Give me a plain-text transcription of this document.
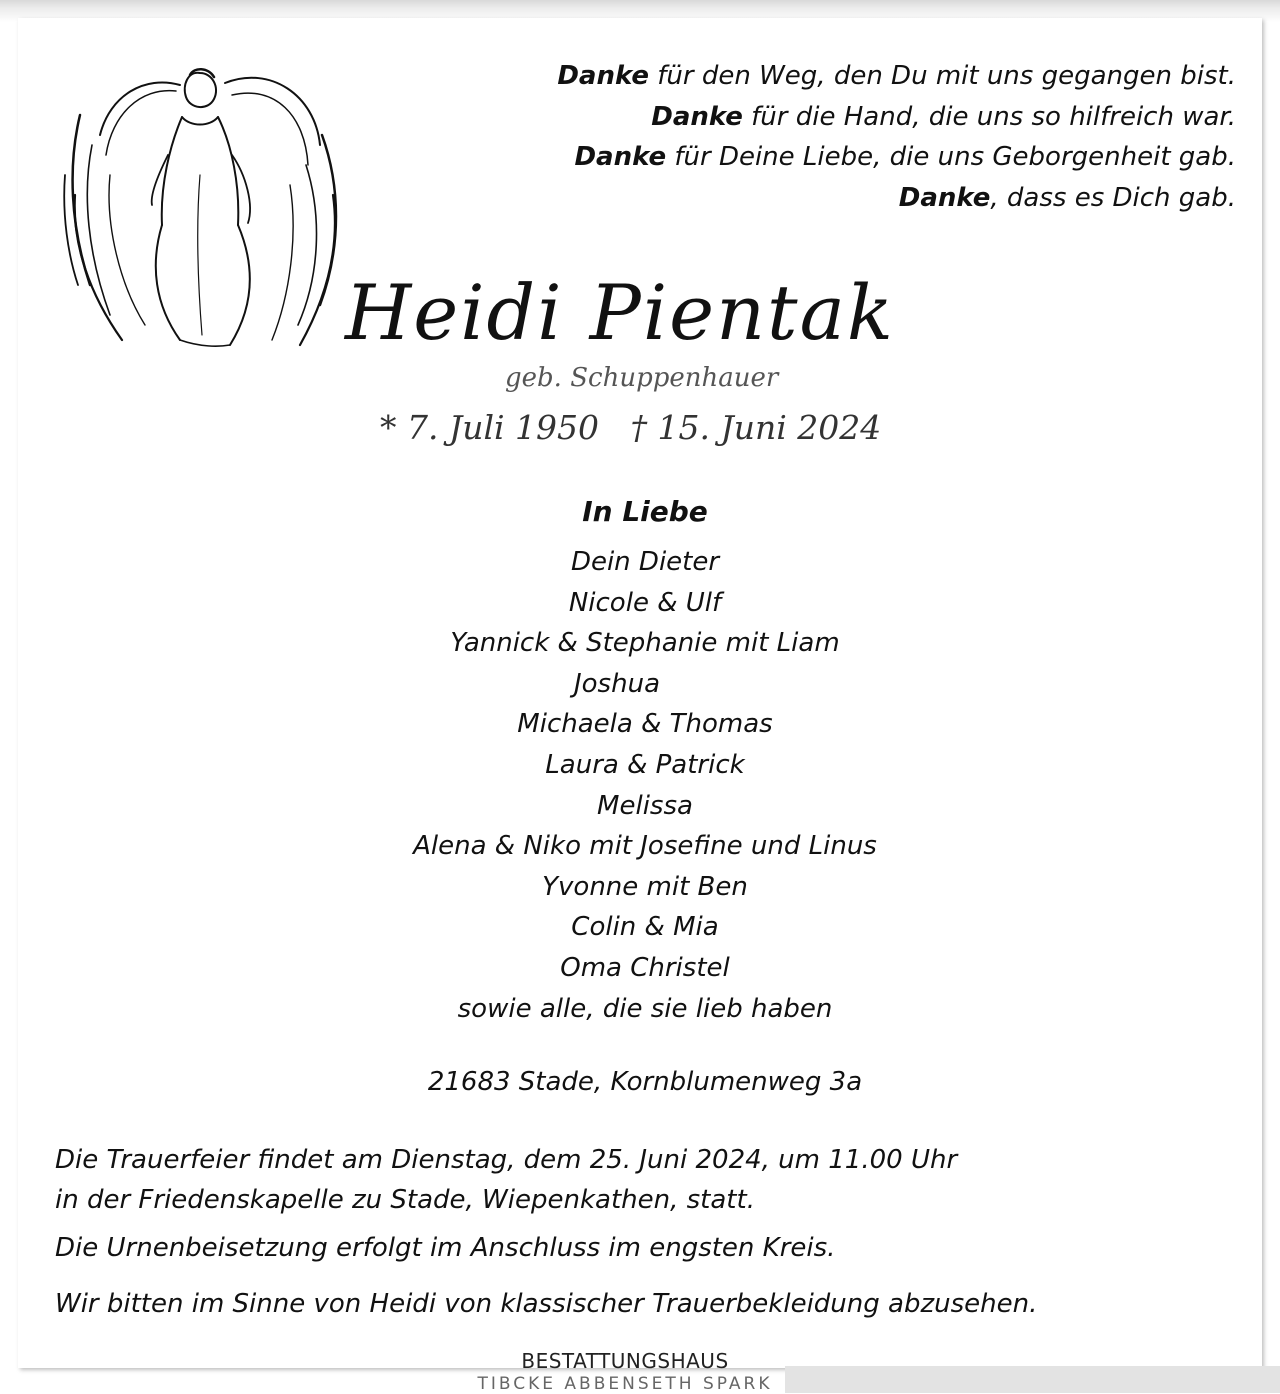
Danke für den Weg, den Du mit uns gegangen bist.
Danke für die Hand, die uns so hilfreich war.
Danke für Deine Liebe, die uns Geborgenheit gab.
Danke, dass es Dich gab.
Heidi Pientak
geb. Schuppenhauer
* 7. Juli 1950 † 15. Juni 2024
In Liebe
Dein Dieter
Nicole & Ulf
Yannick & Stephanie mit Liam
Joshua
Michaela & Thomas
Laura & Patrick
Melissa
Alena & Niko mit Josefine und Linus
Yvonne mit Ben
Colin & Mia
Oma Christel
sowie alle, die sie lieb haben
21683 Stade, Kornblumenweg 3a

Die Trauerfeier findet am Dienstag, dem 25. Juni 2024, um 11.00 Uhr

in der Friedenskapelle zu Stade, Wiepenkathen, statt.

Die Urnenbeisetzung erfolgt im Anschluss im engsten Kreis.

Wir bitten im Sinne von Heidi von klassischer Trauerbekleidung abzusehen.

BESTATTUNGSHAUS
TIBCKE ABBENSETH SPARK
